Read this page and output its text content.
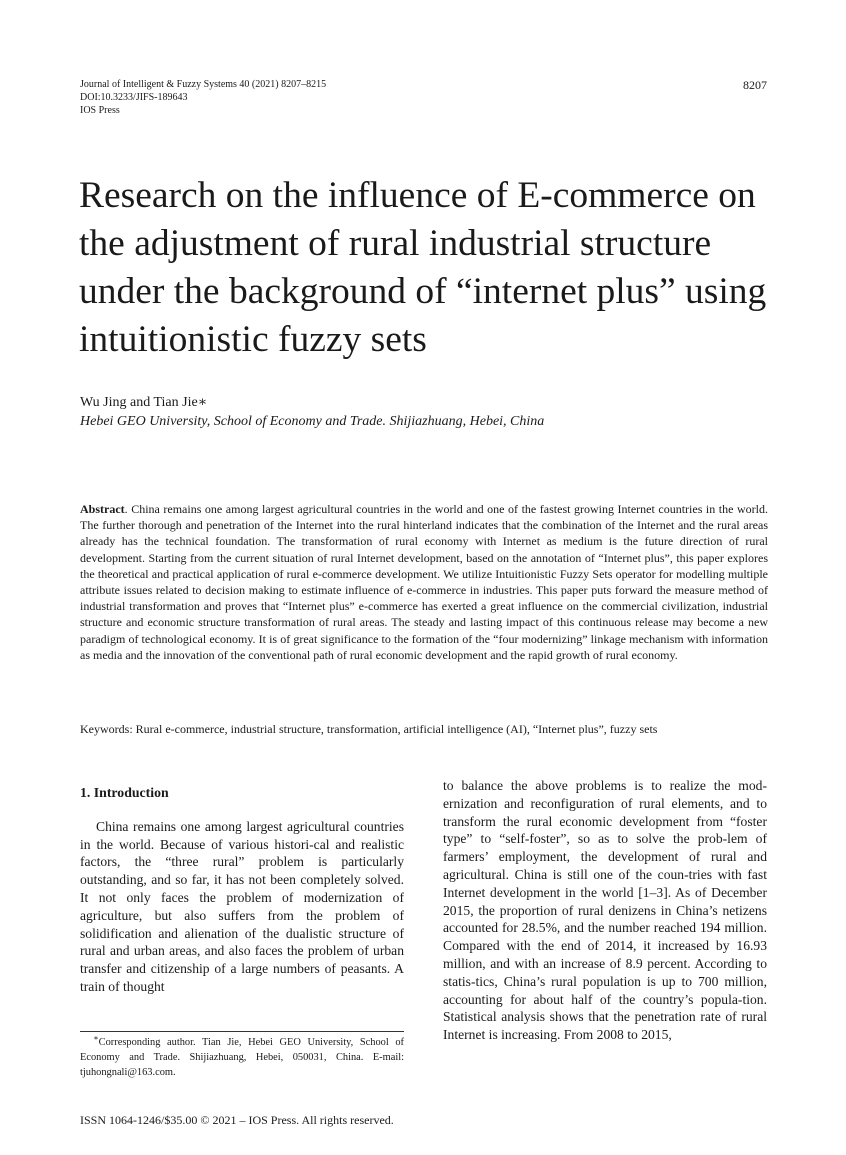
Journal of Intelligent & Fuzzy Systems 40 (2021) 8207–8215
DOI:10.3233/JIFS-189643
IOS Press
8207
Research on the influence of E-commerce on the adjustment of rural industrial structure under the background of “internet plus” using intuitionistic fuzzy sets
Wu Jing and Tian Jie∗
Hebei GEO University, School of Economy and Trade. Shijiazhuang, Hebei, China

Abstract. China remains one among largest agricultural countries in the world and one of the fastest growing Internet countries in the world. The further thorough and penetration of the Internet into the rural hinterland indicates that the combination of the Internet and the rural areas already has the technical foundation. The transformation of rural economy with Internet as medium is the future direction of rural development. Starting from the current situation of rural Internet development, based on the annotation of “Internet plus”, this paper explores the theoretical and practical application of rural e-commerce development. We utilize Intuitionistic Fuzzy Sets operator for modelling multiple attribute issues related to decision making to estimate influence of e-commerce in industries. This paper puts forward the measure method of industrial transformation and proves that “Internet plus” e-commerce has exerted a great influence on the commercial civilization, industrial structure and economic structure transformation of rural areas. The steady and lasting impact of this continuous release may become a new paradigm of technological economy. It is of great significance to the formation of the “four modernizing” linkage mechanism with information as media and the innovation of the conventional path of rural economic development and the rapid growth of rural economy.

Keywords: Rural e-commerce, industrial structure, transformation, artificial intelligence (AI), “Internet plus”, fuzzy sets

1. Introduction

China remains one among largest agricultural countries in the world. Because of various histori-cal and realistic factors, the “three rural” problem is particularly outstanding, and so far, it has not been completely solved. It not only faces the problem of modernization of agriculture, but also suffers from the problem of solidification and alienation of the dualistic structure of rural and urban areas, and also faces the problem of urban transfer and citizenship of a large numbers of peasants. A train of thought

to balance the above problems is to realize the mod-ernization and reconfiguration of rural elements, and to transform the rural economic development from “foster type” to “self-foster”, so as to solve the prob-lem of farmers’ employment, the development of rural and agricultural. China is still one of the coun-tries with fast Internet development in the world [1–3]. As of December 2015, the proportion of rural denizens in China’s netizens accounted for 28.5%, and the number reached 194 million. Compared with the end of 2014, it increased by 16.93 million, and with an increase of 8.9 percent. According to statis-tics, China’s rural population is up to 700 million, accounting for about half of the country’s popula-tion. Statistical analysis shows that the penetration rate of rural Internet is increasing. From 2008 to 2015,

∗Corresponding author. Tian Jie, Hebei GEO University, School of Economy and Trade. Shijiazhuang, Hebei, 050031, China. E-mail: tjuhongnali@163.com.
ISSN 1064-1246/$35.00 © 2021 – IOS Press. All rights reserved.
